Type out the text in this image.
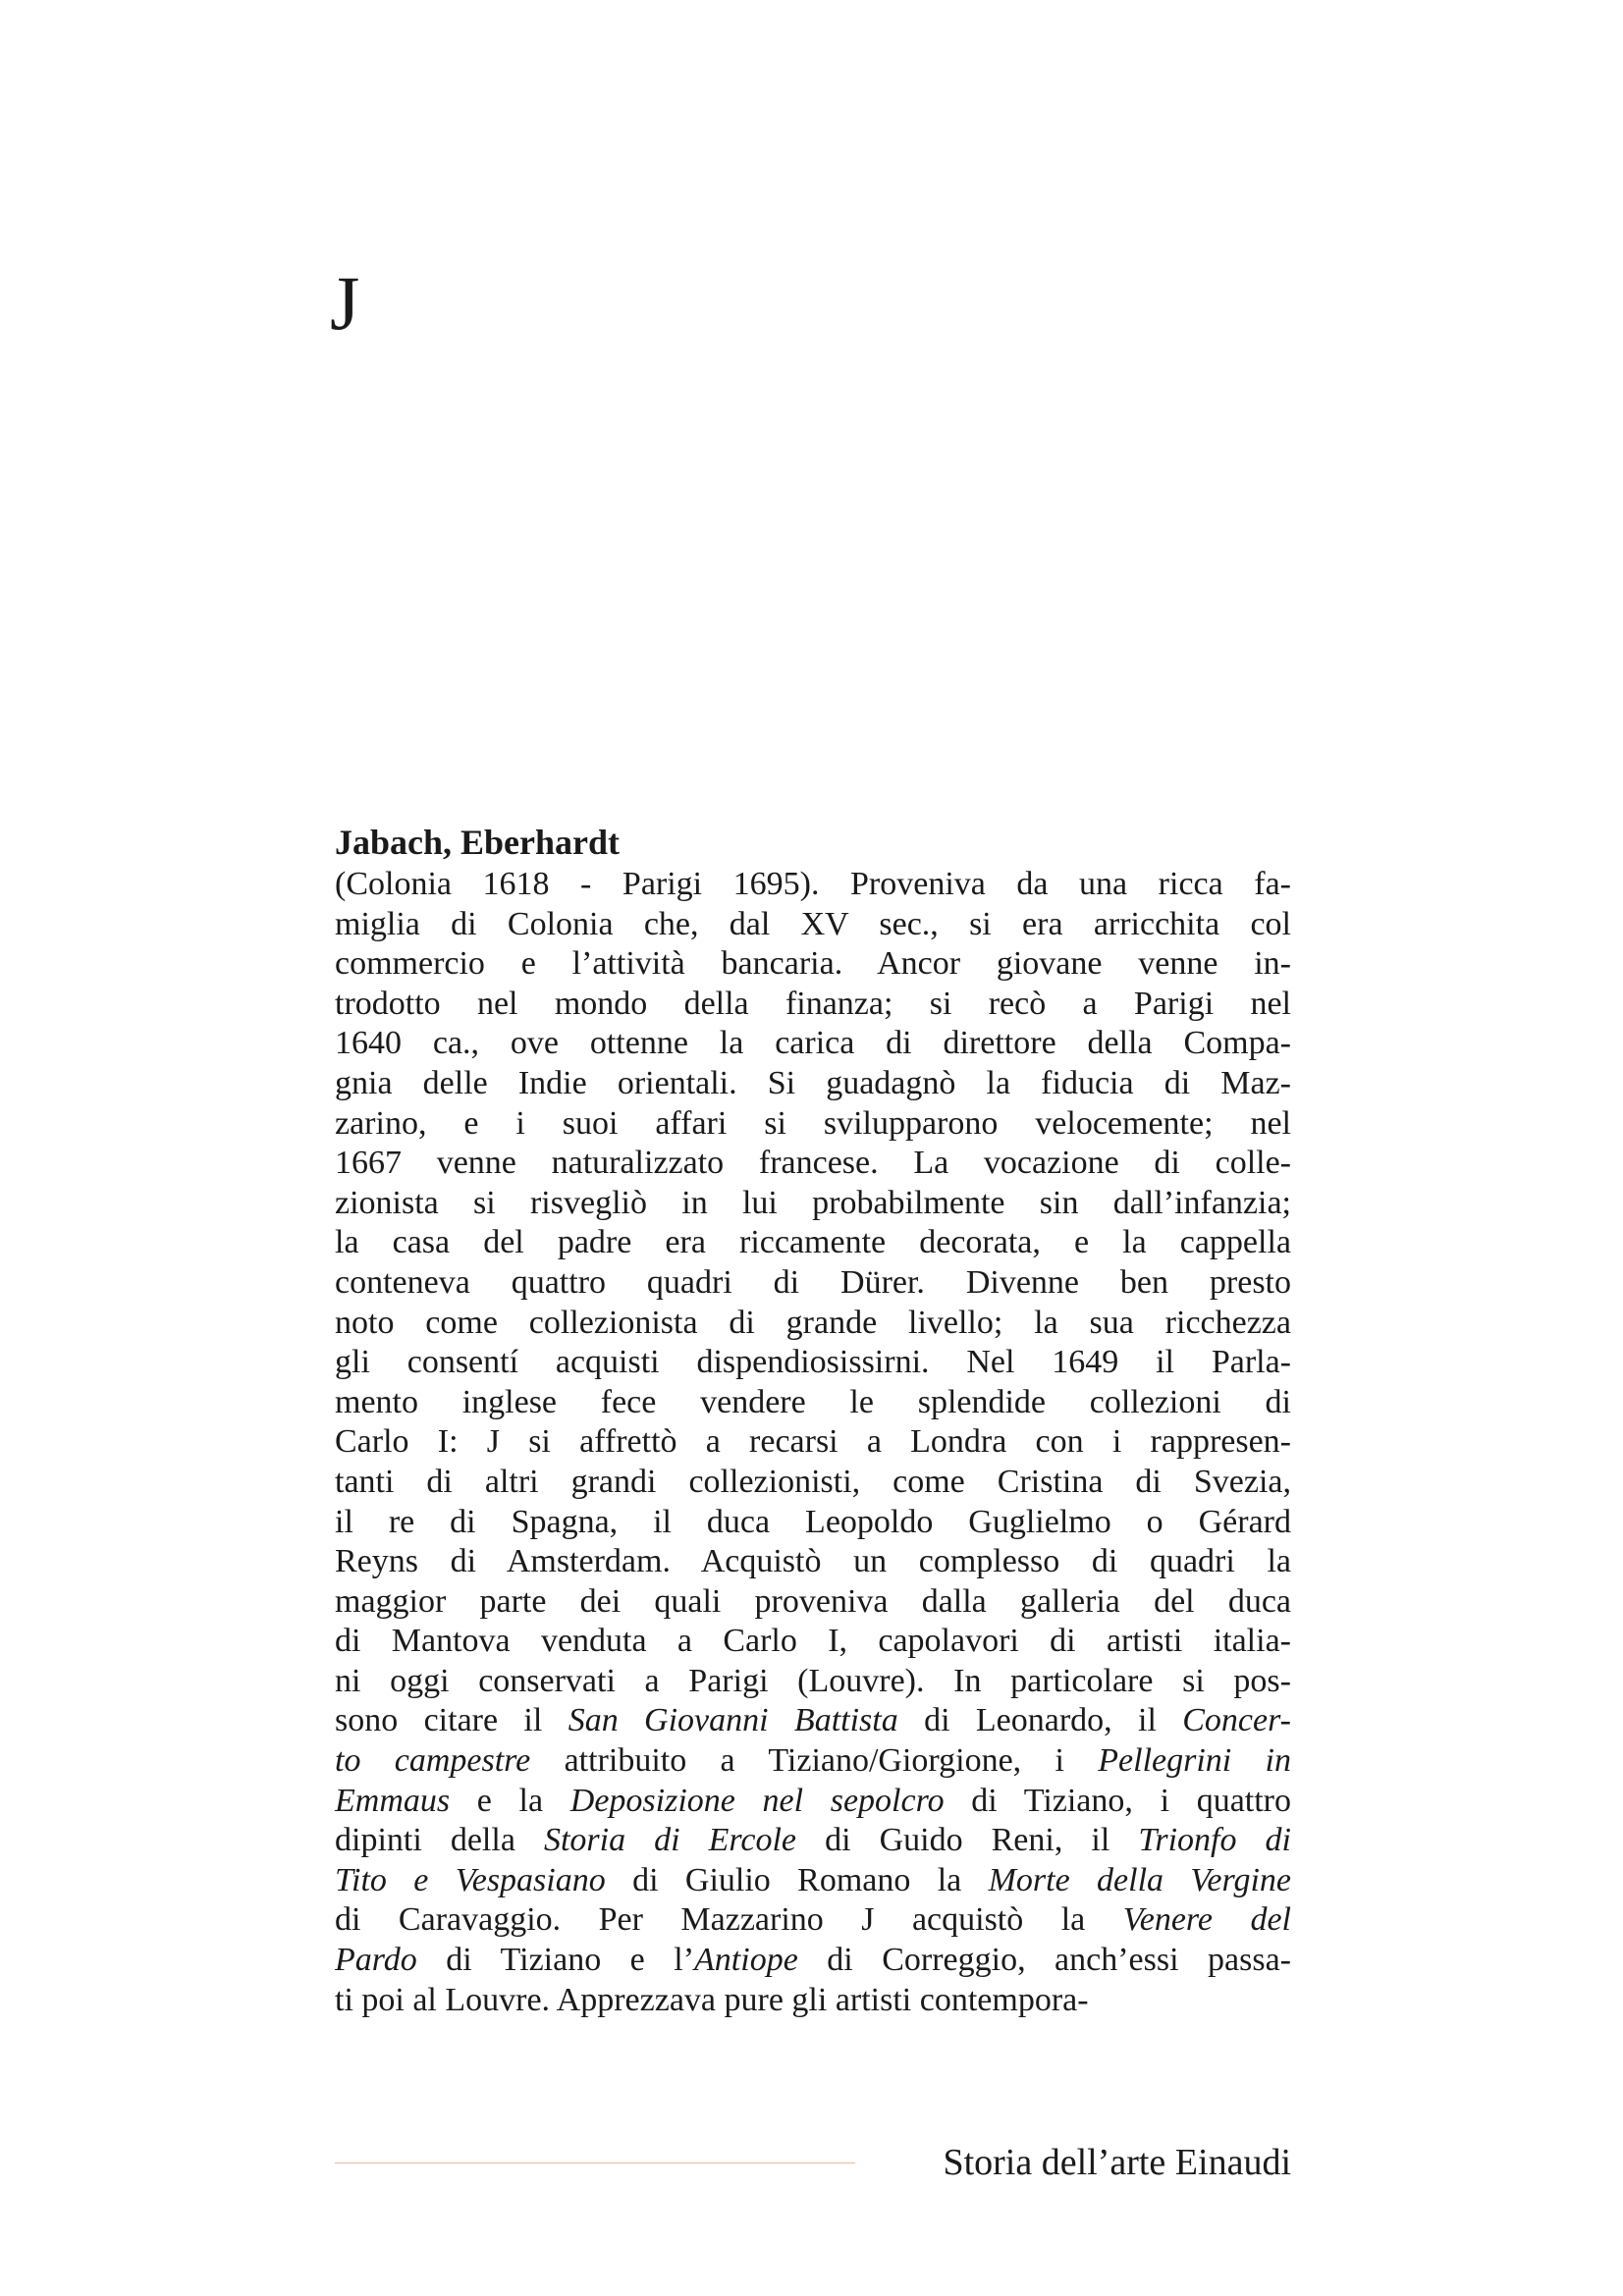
J
Jabach, Eberhardt
(Colonia 1618 - Parigi 1695). Proveniva da una ricca fa-
miglia di Colonia che, dal XV sec., si era arricchita col
commercio e l’attività bancaria. Ancor giovane venne in-
trodotto nel mondo della finanza; si recò a Parigi nel
1640 ca., ove ottenne la carica di direttore della Compa-
gnia delle Indie orientali. Si guadagnò la fiducia di Maz-
zarino, e i suoi affari si svilupparono velocemente; nel
1667 venne naturalizzato francese. La vocazione di colle-
zionista si risvegliò in lui probabilmente sin dall’infanzia;
la casa del padre era riccamente decorata, e la cappella
conteneva quattro quadri di Dürer. Divenne ben presto
noto come collezionista di grande livello; la sua ricchezza
gli consentí acquisti dispendiosissirni. Nel 1649 il Parla-
mento inglese fece vendere le splendide collezioni di
Carlo I: J si affrettò a recarsi a Londra con i rappresen-
tanti di altri grandi collezionisti, come Cristina di Svezia,
il re di Spagna, il duca Leopoldo Guglielmo o Gérard
Reyns di Amsterdam. Acquistò un complesso di quadri la
maggior parte dei quali proveniva dalla galleria del duca
di Mantova venduta a Carlo I, capolavori di artisti italia-
ni oggi conservati a Parigi (Louvre). In particolare si pos-
sono citare il San Giovanni Battista di Leonardo, il Concer-
to campestre attribuito a Tiziano/Giorgione, i Pellegrini in
Emmaus e la Deposizione nel sepolcro di Tiziano, i quattro
dipinti della Storia di Ercole di Guido Reni, il Trionfo di
Tito e Vespasiano di Giulio Romano la Morte della Vergine
di Caravaggio. Per Mazzarino J acquistò la Venere del
Pardo di Tiziano e l’Antiope di Correggio, anch’essi passa-
ti poi al Louvre. Apprezzava pure gli artisti contempora-
Storia dell’arte Einaudi
